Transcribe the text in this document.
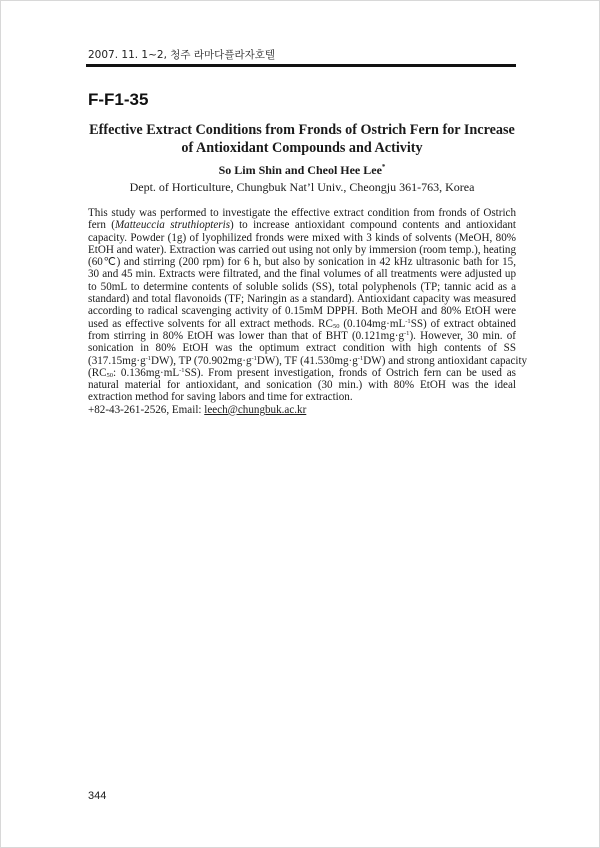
2007. 11. 1~2, 청주 라마다플라자호텔
F-F1-35
Effective Extract Conditions from Fronds of Ostrich Fern for Increase
of Antioxidant Compounds and Activity
So Lim Shin and Cheol Hee Lee*
Dept. of Horticulture, Chungbuk Nat’l Univ., Cheongju 361-763, Korea
This study was performed to investigate the effective extract condition from fronds of Ostrich
fern (Matteuccia struthiopteris) to increase antioxidant compound contents and antioxidant
capacity. Powder (1g) of lyophilized fronds were mixed with 3 kinds of solvents (MeOH, 80%
EtOH and water). Extraction was carried out using not only by immersion (room temp.), heating
(60℃) and stirring (200 rpm) for 6 h, but also by sonication in 42 kHz ultrasonic bath for 15,
30 and 45 min. Extracts were filtrated, and the final volumes of all treatments were adjusted up
to 50mL to determine contents of soluble solids (SS), total polyphenols (TP; tannic acid as a
standard) and total flavonoids (TF; Naringin as a standard). Antioxidant capacity was measured
according to radical scavenging activity of 0.15mM DPPH. Both MeOH and 80% EtOH were
used as effective solvents for all extract methods. $RC_{50}$ $(0.104mg\cdot mL^{-1}SS)$ of extract obtained
from stirring in 80% EtOH was lower than that of BHT $(0.121mg\cdot g^{-1})$. However, 30 min. of
sonication in 80% EtOH was the optimum extract condition with high contents of SS
$(317.15mg\cdot g^{-1}DW)$, TP $(70.902mg\cdot g^{-1}DW)$, TF $(41.530mg\cdot g^{-1}DW)$ and strong antioxidant capacity
($RC_{50}$: $0.136mg\cdot mL^{-1}SS$). From present investigation, fronds of Ostrich fern can be used as
natural material for antioxidant, and sonication (30 min.) with 80% EtOH was the ideal
extraction method for saving labors and time for extraction.
+82-43-261-2526, Email: leech@chungbuk.ac.kr
344
